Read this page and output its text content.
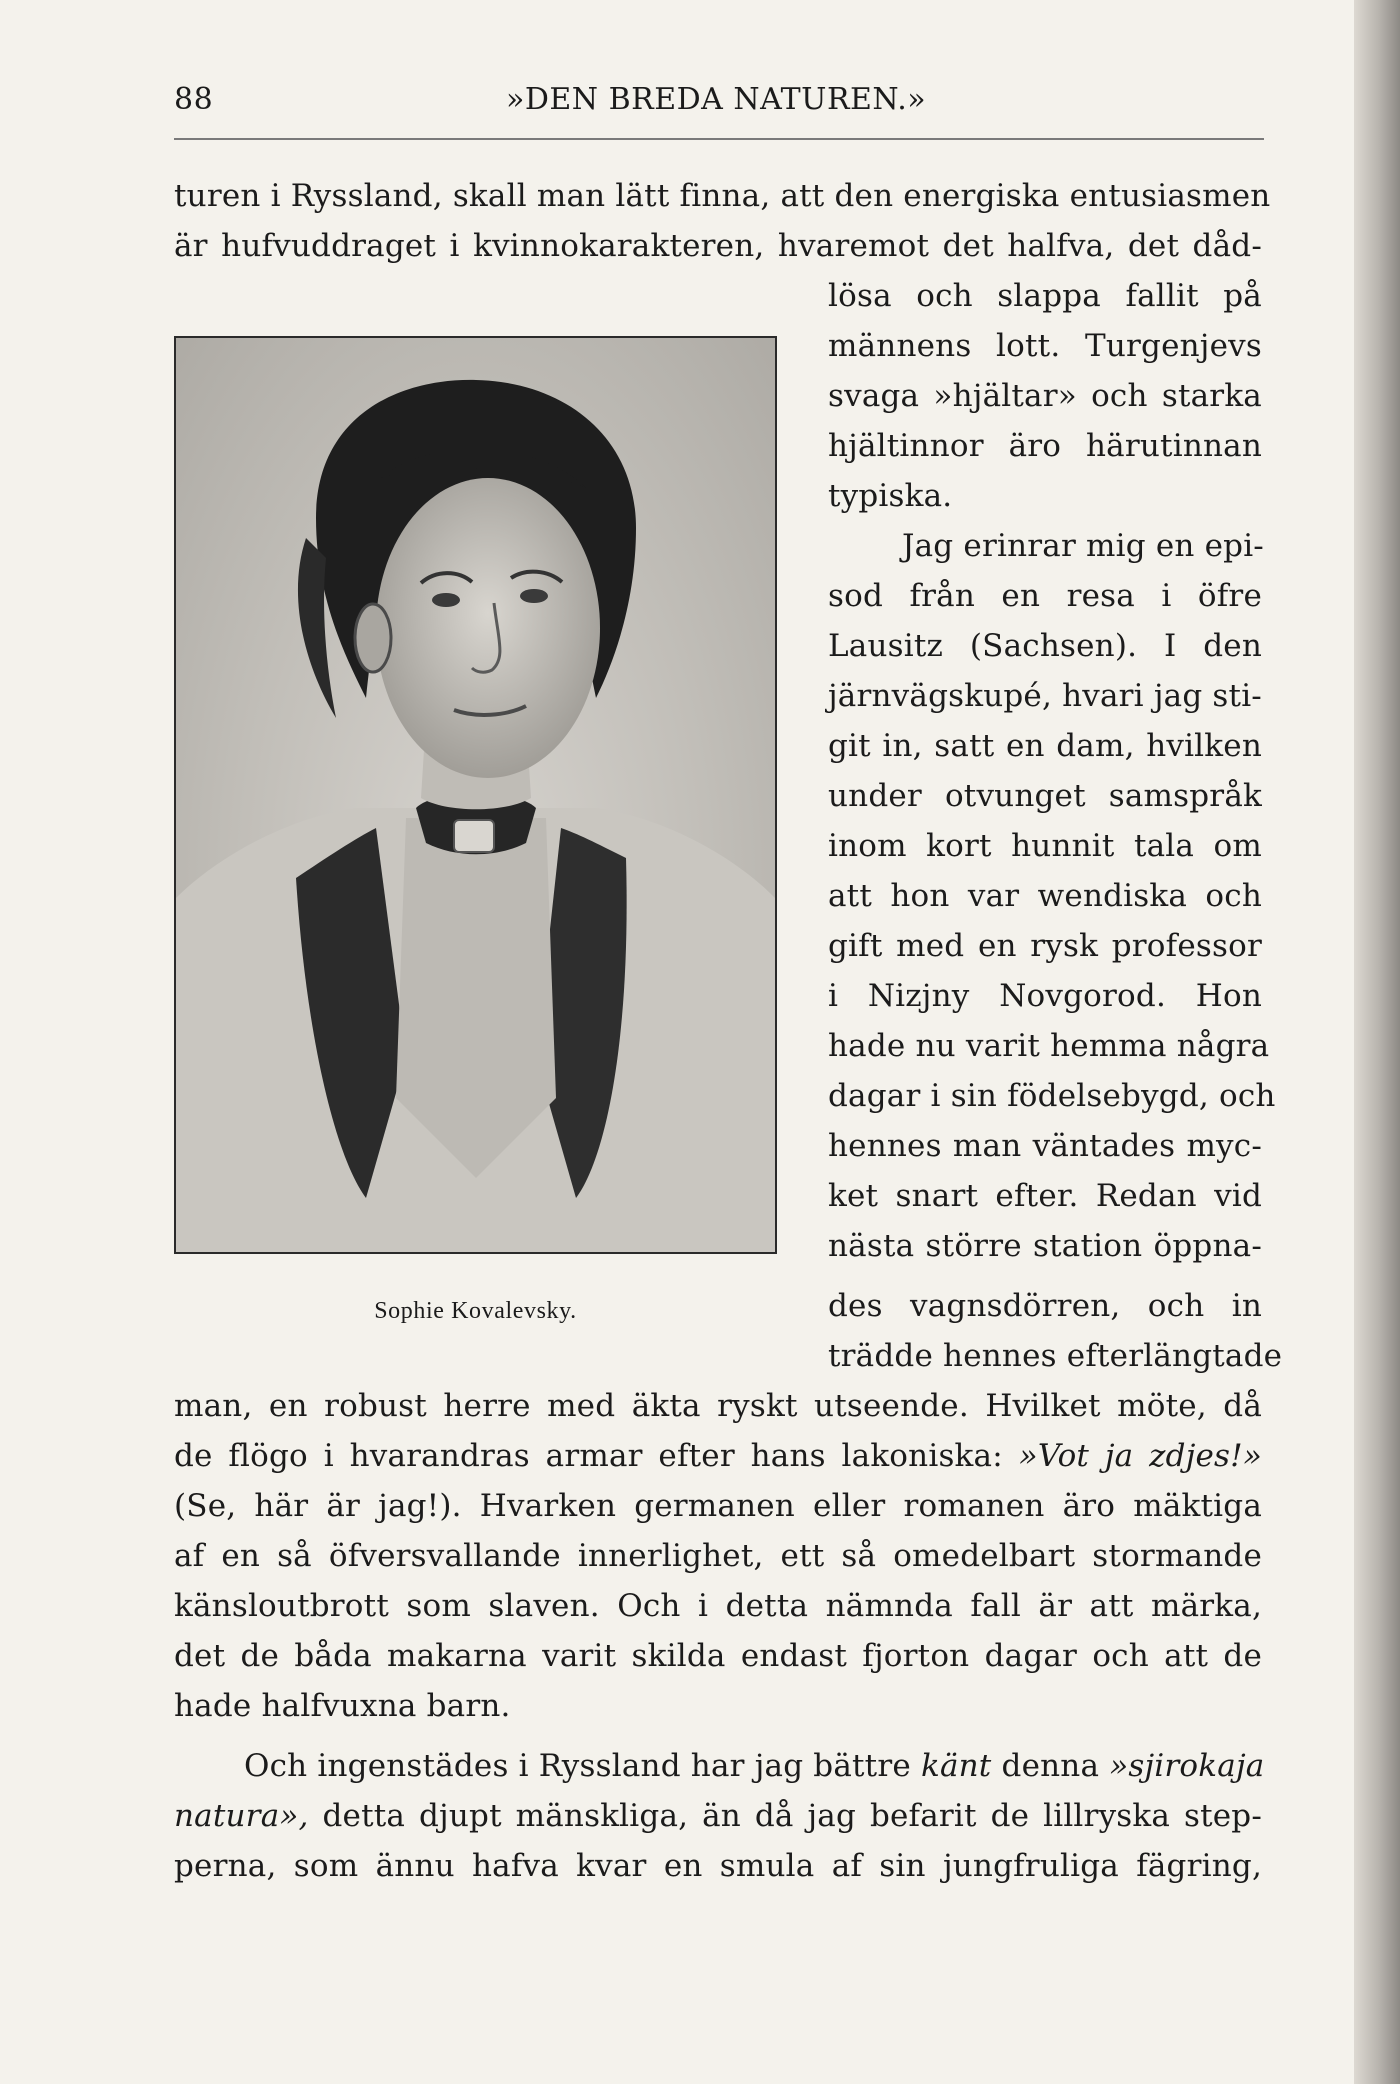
88	»DEN BREDA NATUREN.»
turen i Ryssland, skall man lätt finna, att den energiska entusiasmen
är hufvuddraget i kvinnokarakteren, hvaremot det halfva, det dåd-
lösa och slappa fallit på
männens lott. Turgenjevs
svaga »hjältar» och starka
hjältinnor äro härutinnan
typiska.
Jag erinrar mig en epi-
sod från en resa i öfre
Lausitz (Sachsen). I den
järnvägskupé, hvari jag sti-
git in, satt en dam, hvilken
under otvunget samspråk
inom kort hunnit tala om
att hon var wendiska och
gift med en rysk professor
i Nizjny Novgorod. Hon
hade nu varit hemma några
dagar i sin födelsebygd, och
hennes man väntades myc-
ket snart efter. Redan vid
nästa större station öppna-
des vagnsdörren, och in
trädde hennes efterlängtade
man, en robust herre med äkta ryskt utseende. Hvilket möte, då
de flögo i hvarandras armar efter hans lakoniska: »Vot ja zdjes!»
(Se, här är jag!). Hvarken germanen eller romanen äro mäktiga
af en så öfversvallande innerlighet, ett så omedelbart stormande
känsloutbrott som slaven. Och i detta nämnda fall är att märka,
det de båda makarna varit skilda endast fjorton dagar och att de
hade halfvuxna barn.
Och ingenstädes i Ryssland har jag bättre känt denna »sjirokaja
natura», detta djupt mänskliga, än då jag befarit de lillryska step-
perna, som ännu hafva kvar en smula af sin jungfruliga fägring,
Sophie Kovalevsky.
